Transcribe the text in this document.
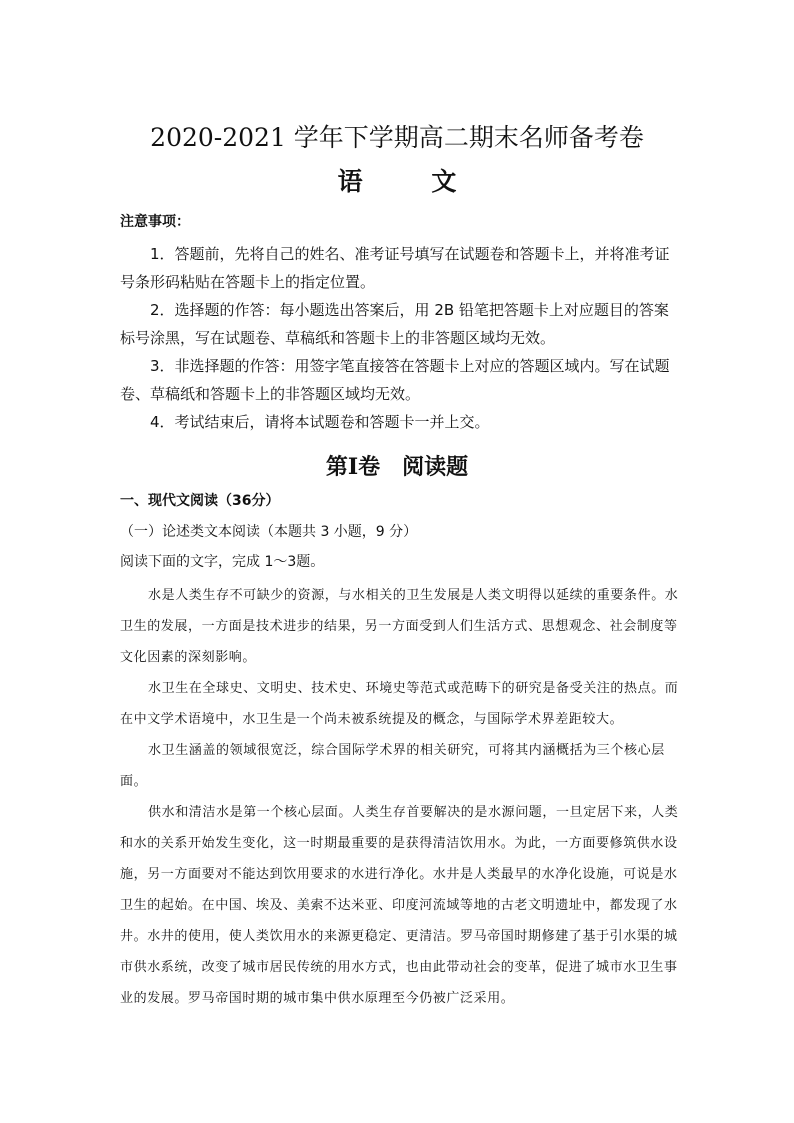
2020-2021 学年下学期高二期末名师备考卷
语 文
注意事项：

1．答题前，先将自己的姓名、准考证号填写在试题卷和答题卡上，并将准考证号条形码粘贴在答题卡上的指定位置。

2．选择题的作答：每小题选出答案后，用 2B 铅笔把答题卡上对应题目的答案标号涂黑，写在试题卷、草稿纸和答题卡上的非答题区域均无效。

3．非选择题的作答：用签字笔直接答在答题卡上对应的答题区域内。写在试题卷、草稿纸和答题卡上的非答题区域均无效。

4．考试结束后，请将本试题卷和答题卡一并上交。

第Ⅰ卷　阅读题
一、现代文阅读（36分）
（一）论述类文本阅读（本题共 3 小题，9 分）
阅读下面的文字，完成 1～3题。

水是人类生存不可缺少的资源，与水相关的卫生发展是人类文明得以延续的重要条件。水卫生的发展，一方面是技术进步的结果，另一方面受到人们生活方式、思想观念、社会制度等文化因素的深刻影响。

水卫生在全球史、文明史、技术史、环境史等范式或范畴下的研究是备受关注的热点。而在中文学术语境中，水卫生是一个尚未被系统提及的概念，与国际学术界差距较大。

水卫生涵盖的领域很宽泛，综合国际学术界的相关研究，可将其内涵概括为三个核心层面。

供水和清洁水是第一个核心层面。人类生存首要解决的是水源问题，一旦定居下来，人类和水的关系开始发生变化，这一时期最重要的是获得清洁饮用水。为此，一方面要修筑供水设施，另一方面要对不能达到饮用要求的水进行净化。水井是人类最早的水净化设施，可说是水卫生的起始。在中国、埃及、美索不达米亚、印度河流域等地的古老文明遗址中，都发现了水井。水井的使用，使人类饮用水的来源更稳定、更清洁。罗马帝国时期修建了基于引水渠的城市供水系统，改变了城市居民传统的用水方式，也由此带动社会的变革，促进了城市水卫生事业的发展。罗马帝国时期的城市集中供水原理至今仍被广泛采用。
